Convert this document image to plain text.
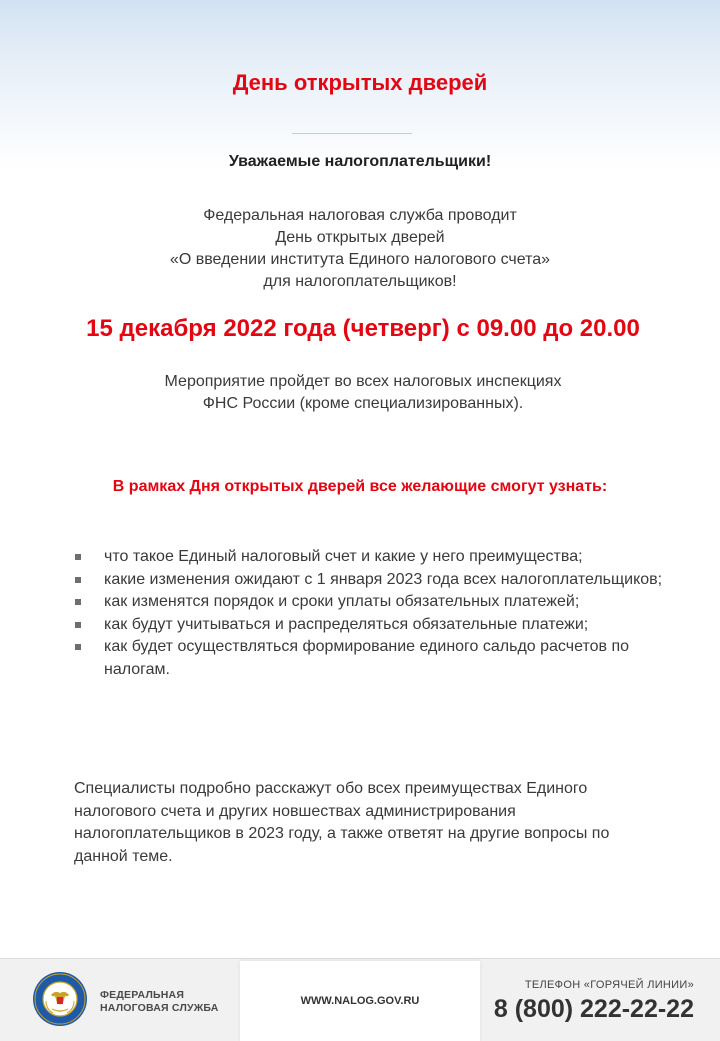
День открытых дверей
Уважаемые налогоплательщики!
Федеральная налоговая служба проводит
День открытых дверей
«О введении института Единого налогового счета»
для налогоплательщиков!
15 декабря 2022 года (четверг) с 09.00 до 20.00
Мероприятие пройдет во всех налоговых инспекциях
ФНС России (кроме специализированных).
В рамках Дня открытых дверей все желающие смогут узнать:
что такое Единый налоговый счет и какие у него преимущества;
какие изменения ожидают с 1 января 2023 года всех налогоплательщиков;
как изменятся порядок и сроки уплаты обязательных платежей;
как будут учитываться и распределяться обязательные платежи;
как будет осуществляться формирование единого сальдо расчетов по налогам.
Специалисты подробно расскажут обо всех преимуществах Единого налогового счета и других новшествах администрирования налогоплательщиков в 2023 году, а также ответят на другие вопросы по данной теме.
ФЕДЕРАЛЬНАЯ
НАЛОГОВАЯ СЛУЖБА
WWW.NALOG.GOV.RU
ТЕЛЕФОН «ГОРЯЧЕЙ ЛИНИИ»
8 (800) 222-22-22
